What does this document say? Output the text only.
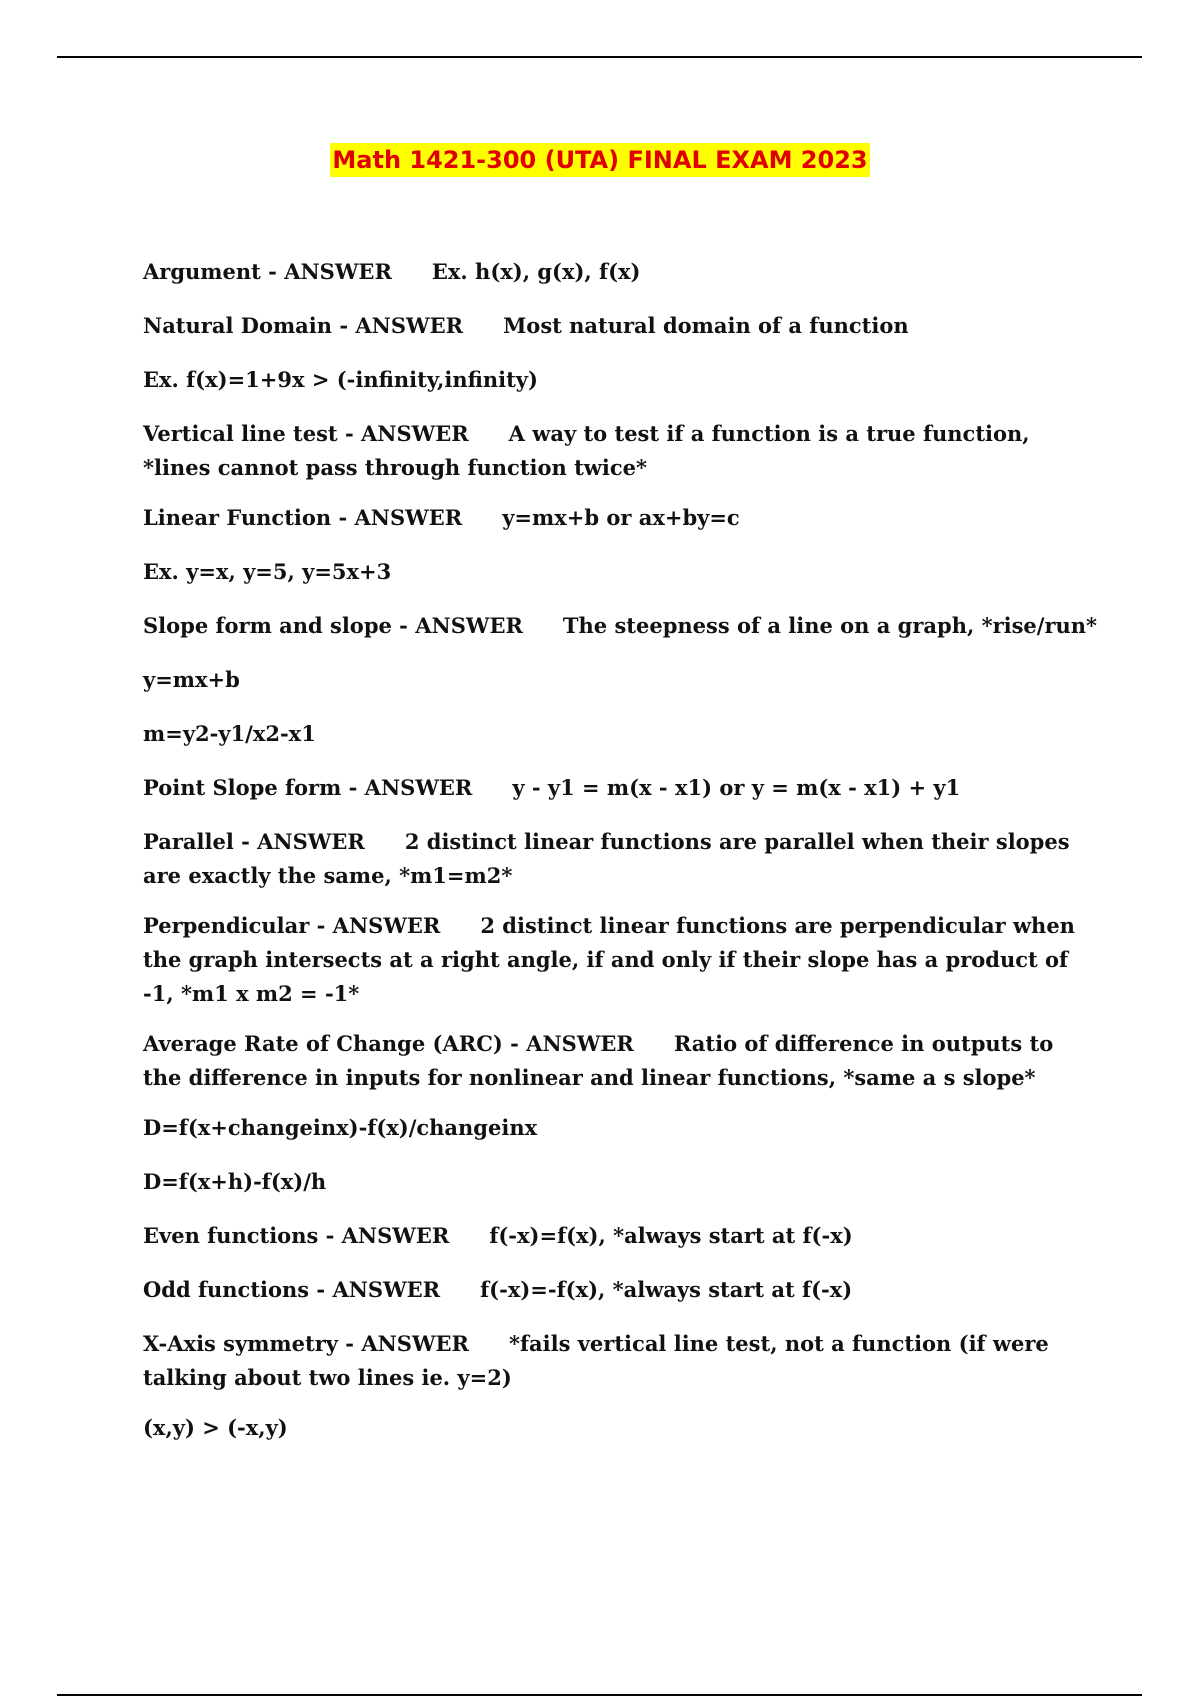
Math 1421-300 (UTA) FINAL EXAM 2023

Argument - ANSWER Ex. h(x), g(x), f(x)

Natural Domain - ANSWER Most natural domain of a function

Ex. f(x)=1+9x > (-infinity,infinity)

Vertical line test - ANSWER A way to test if a function is a true function, *lines cannot pass through function twice*

Linear Function - ANSWER y=mx+b or ax+by=c

Ex. y=x, y=5, y=5x+3

Slope form and slope - ANSWER The steepness of a line on a graph, *rise/run*

y=mx+b

m=y2-y1/x2-x1

Point Slope form - ANSWER y - y1 = m(x - x1) or y = m(x - x1) + y1

Parallel - ANSWER 2 distinct linear functions are parallel when their slopes are exactly the same, *m1=m2*

Perpendicular - ANSWER 2 distinct linear functions are perpendicular when the graph intersects at a right angle, if and only if their slope has a product of -1, *m1 x m2 = -1*

Average Rate of Change (ARC) - ANSWER Ratio of difference in outputs to the difference in inputs for nonlinear and linear functions, *same a s slope*

D=f(x+changeinx)-f(x)/changeinx

D=f(x+h)-f(x)/h

Even functions - ANSWER f(-x)=f(x), *always start at f(-x)

Odd functions - ANSWER f(-x)=-f(x), *always start at f(-x)

X-Axis symmetry - ANSWER *fails vertical line test, not a function (if were talking about two lines ie. y=2)

(x,y) > (-x,y)
